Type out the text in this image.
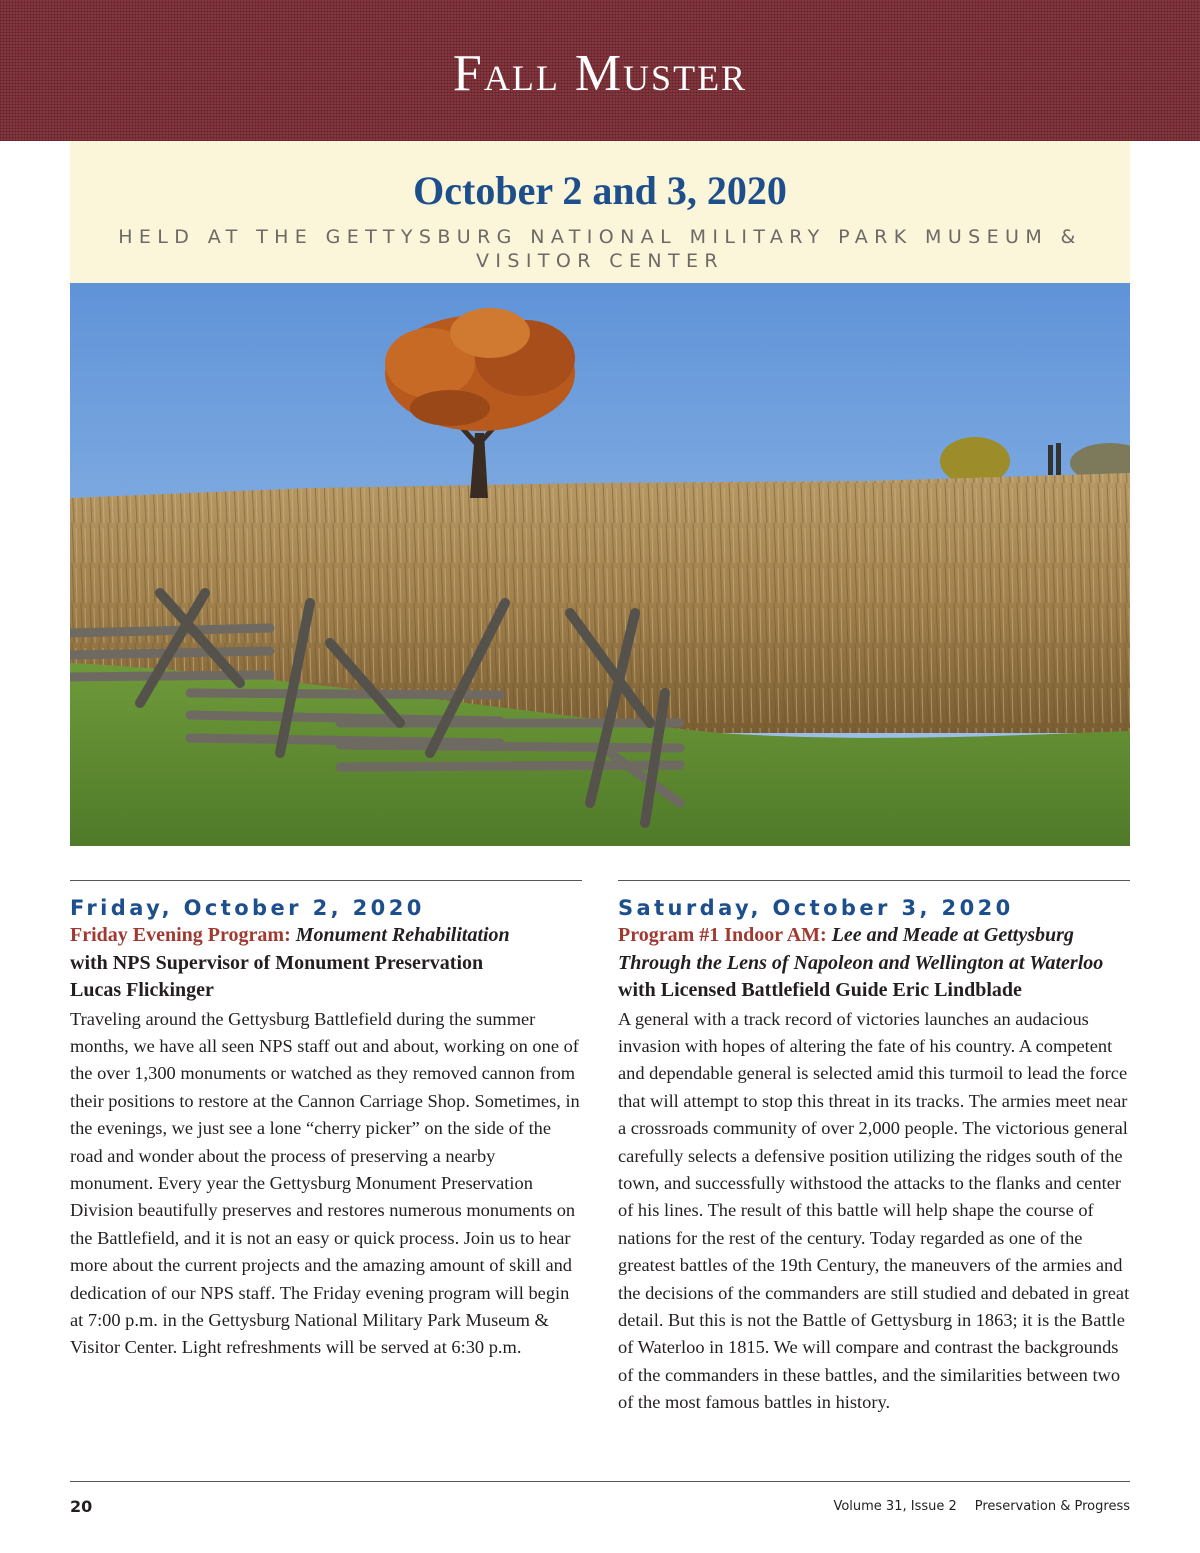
Fall Muster
October 2 and 3, 2020
HELD AT THE GETTYSBURG NATIONAL MILITARY PARK MUSEUM & VISITOR CENTER
Friday, October 2, 2020
Friday Evening Program: Monument Rehabilitation
with NPS Supervisor of Monument Preservation
Lucas Flickinger
Traveling around the Gettysburg Battlefield during the summer months, we have all seen NPS staff out and about, working on one of the over 1,300 monuments or watched as they removed cannon from their positions to restore at the Cannon Carriage Shop. Sometimes, in the evenings, we just see a lone “cherry picker” on the side of the road and wonder about the process of preserving a nearby monument. Every year the Gettysburg Monument Preservation Division beautifully preserves and restores numerous monuments on the Battlefield, and it is not an easy or quick process. Join us to hear more about the current projects and the amazing amount of skill and dedication of our NPS staff. The Friday evening program will begin at 7:00 p.m. in the Gettysburg National Military Park Museum & Visitor Center. Light refreshments will be served at 6:30 p.m.
Saturday, October 3, 2020
Program #1 Indoor AM: Lee and Meade at Gettysburg Through the Lens of Napoleon and Wellington at Waterloo
with Licensed Battlefield Guide Eric Lindblade
A general with a track record of victories launches an audacious invasion with hopes of altering the fate of his country. A competent and dependable general is selected amid this turmoil to lead the force that will attempt to stop this threat in its tracks. The armies meet near a crossroads community of over 2,000 people. The victorious general carefully selects a defensive position utilizing the ridges south of the town, and successfully withstood the attacks to the flanks and center of his lines. The result of this battle will help shape the course of nations for the rest of the century. Today regarded as one of the greatest battles of the 19th Century, the maneuvers of the armies and the decisions of the commanders are still studied and debated in great detail. But this is not the Battle of Gettysburg in 1863; it is the Battle of Waterloo in 1815. We will compare and contrast the backgrounds of the commanders in these battles, and the similarities between two of the most famous battles in history.
20	Volume 31, Issue 2 Preservation & Progress
